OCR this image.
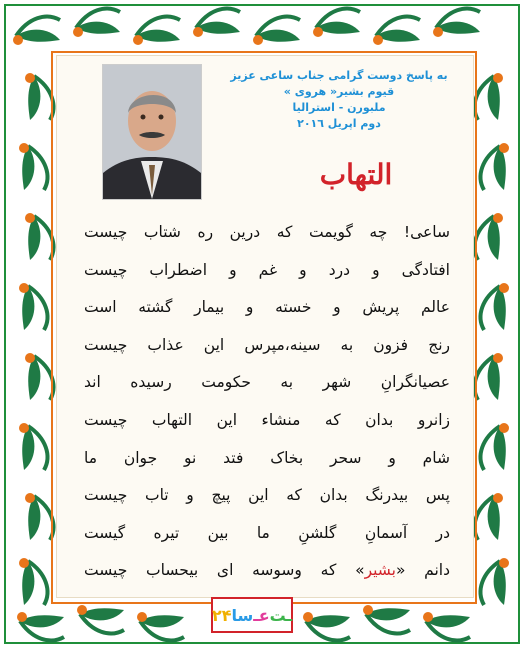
به پاسخ دوست گرامی جناب ساعی عزیز
قیوم بشیر« هروی »
ملبورن - استرالیا
دوم اپریل ۲۰۱٦
التهاب
ساعی! چه گویمت که درین ره شتاب چیست
افتادگی و درد و غم و اضطراب چیست
عالم پریش و خسته و بیمار گشته است
رنج فزون به سینه،مپرس این عذاب چیست
عصیانگرانِ شهر به حکومت رسیده اند
زانرو بدان که منشاء این التهاب چیست
شام و سحر بخاک فتد نو جوان ما
پس بیدرنگ بدان که این پیچ و تاب چیست
در آسمانِ گلشنِ ما بین تیره گیست
دانم «بشیر» که وسوسه ای بیحساب چیست
۲۴ سا عـ ـت
